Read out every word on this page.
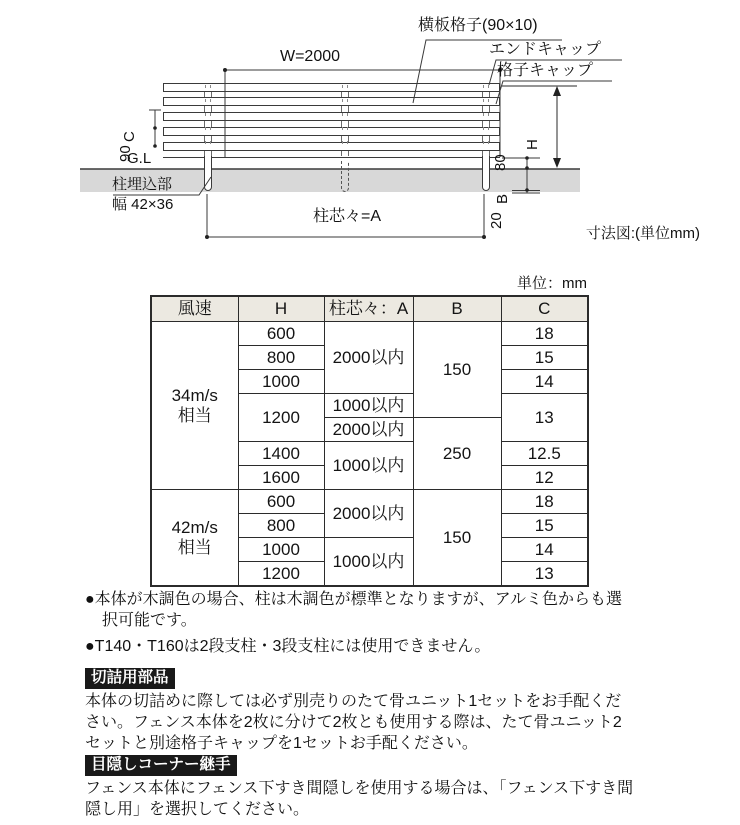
横板格子(90×10)
エンドキャップ
格子キャップ
W=2000
C
90
G.L
柱埋込部
幅 42×36
柱芯々=A
H
80
B
20
寸法図:(単位mm)
単位：mm
風速	H	柱芯々：A	B	C
34m/s
相当	600	2000以内	150	18
	800			15
	1000			14
	1200	1000以内		13
		2000以内	250	
	1400	1000以内		12.5
	1600			12
42m/s
相当	600	2000以内	150	18
	800			15
	1000	1000以内		14
	1200			13
●本体が木調色の場合、柱は木調色が標準となりますが、アルミ色からも選択可能です。
●T140・T160は2段支柱・3段支柱には使用できません。
切詰用部品
本体の切詰めに際しては必ず別売りのたて骨ユニット1セットをお手配ください。フェンス本体を2枚に分けて2枚とも使用する際は、たて骨ユニット2セットと別途格子キャップを1セットお手配ください。
目隠しコーナー継手
フェンス本体にフェンス下すき間隠しを使用する場合は、「フェンス下すき間隠し用」を選択してください。
